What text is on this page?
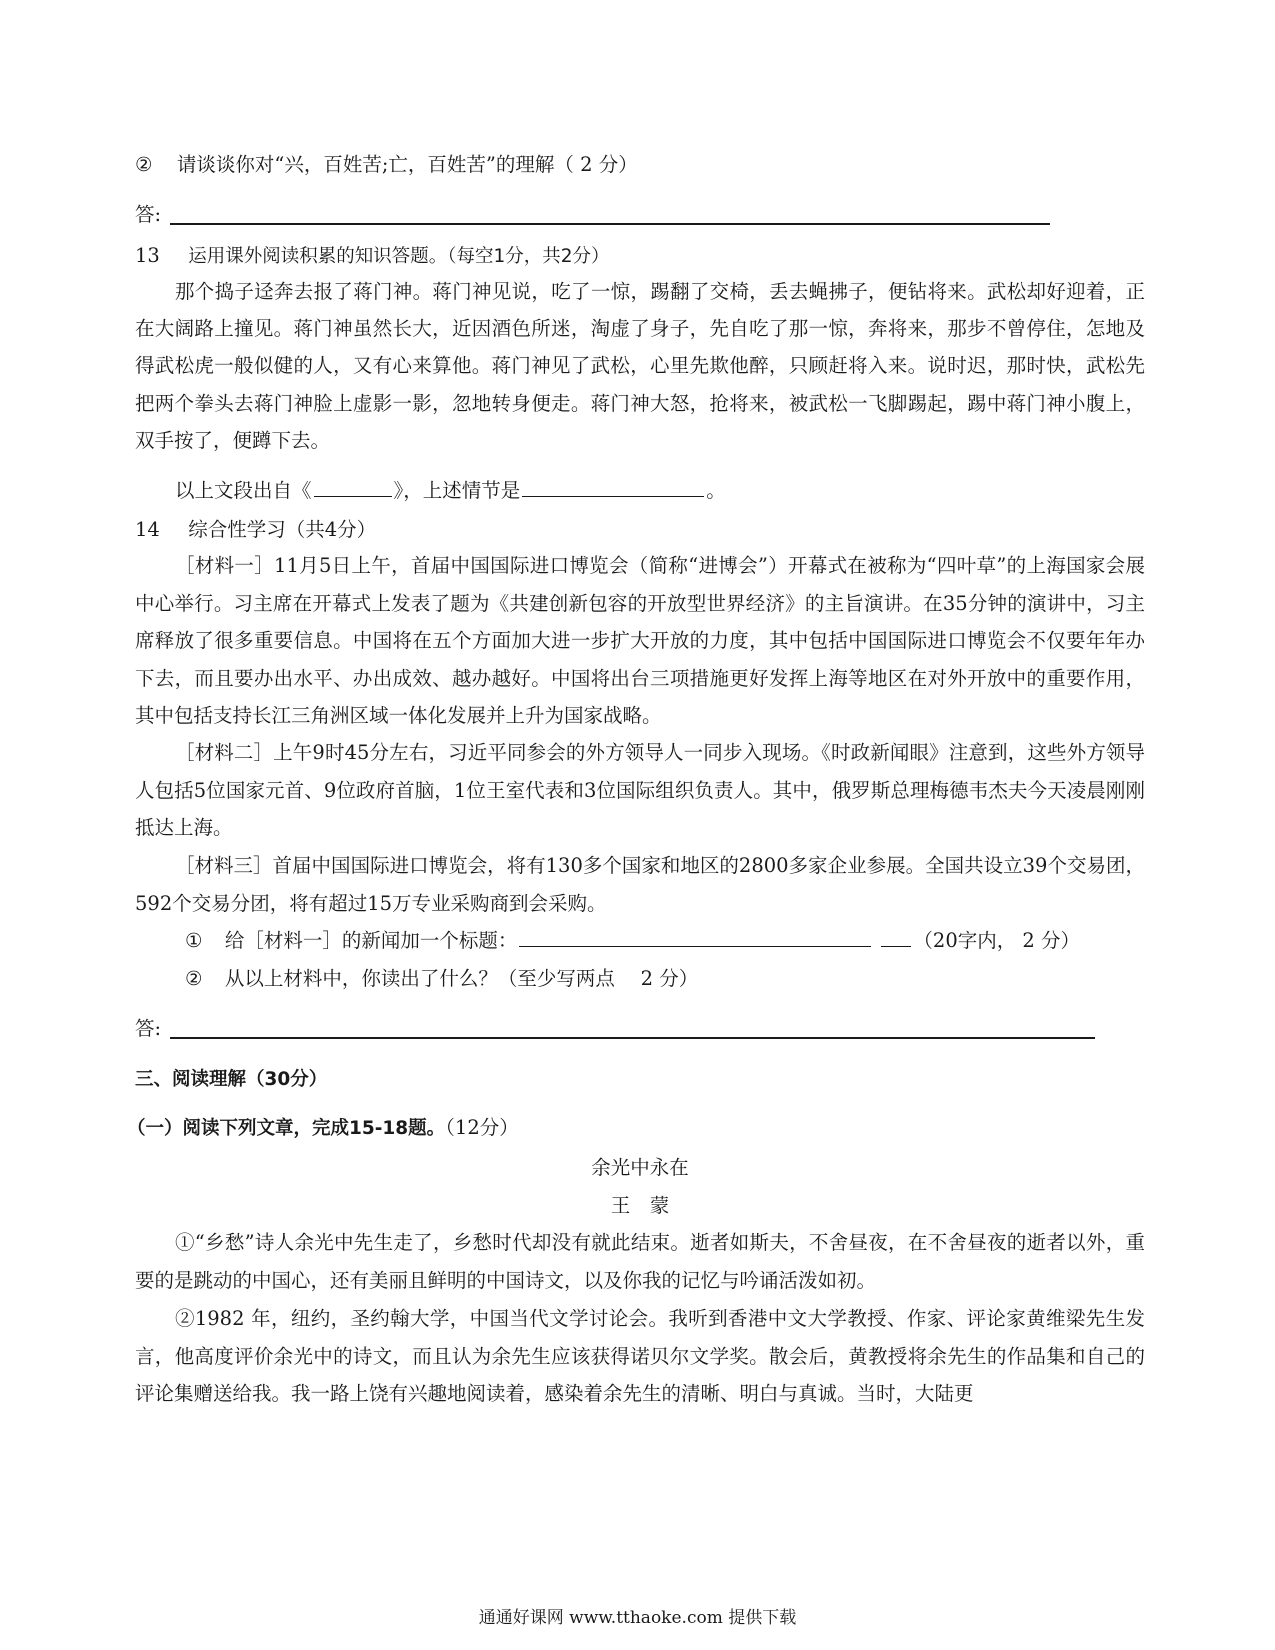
② 请谈谈你对“兴，百姓苦;亡，百姓苦”的理解（ 2 分）
答:
13 运用课外阅读积累的知识答题。（每空1分，共2分）
那个捣子迳奔去报了蒋门神。蒋门神见说，吃了一惊，踢翻了交椅，丢去蝇拂子，便钻将来。武松却好迎着，正在大阔路上撞见。蒋门神虽然长大，近因酒色所迷，淘虚了身子，先自吃了那一惊，奔将来，那步不曾停住，怎地及得武松虎一般似健的人，又有心来算他。蒋门神见了武松，心里先欺他醉，只顾赶将入来。说时迟，那时快，武松先把两个拳头去蒋门神脸上虚影一影，忽地转身便走。蒋门神大怒，抢将来，被武松一飞脚踢起，踢中蒋门神小腹上，双手按了，便蹲下去。
以上文段出自《	》，上述情节是	。
14 综合性学习（共4分）
［材料一］11月5日上午，首届中国国际进口博览会（简称“进博会”）开幕式在被称为“四叶草”的上海国家会展中心举行。习主席在开幕式上发表了题为《共建创新包容的开放型世界经济》的主旨演讲。在35分钟的演讲中，习主席释放了很多重要信息。中国将在五个方面加大进一步扩大开放的力度，其中包括中国国际进口博览会不仅要年年办下去，而且要办出水平、办出成效、越办越好。中国将出台三项措施更好发挥上海等地区在对外开放中的重要作用，其中包括支持长江三角洲区域一体化发展并上升为国家战略。
［材料二］上午9时45分左右，习近平同参会的外方领导人一同步入现场。《时政新闻眼》注意到，这些外方领导人包括5位国家元首、9位政府首脑，1位王室代表和3位国际组织负责人。其中，俄罗斯总理梅德韦杰夫今天凌晨刚刚抵达上海。
［材料三］首届中国国际进口博览会，将有130多个国家和地区的2800多家企业参展。全国共设立39个交易团，592个交易分团，将有超过15万专业采购商到会采购。
① 给［材料一］的新闻加一个标题：	（20字内， 2 分）
② 从以上材料中，你读出了什么？（至少写两点　 2 分）
答:
三、阅读理解（30分）
（一）阅读下列文章，完成15-18题。（12分）
余光中永在
王　蒙
①“乡愁”诗人余光中先生走了，乡愁时代却没有就此结束。逝者如斯夫，不舍昼夜，在不舍昼夜的逝者以外，重要的是跳动的中国心，还有美丽且鲜明的中国诗文，以及你我的记忆与吟诵活泼如初。
②1982 年，纽约，圣约翰大学，中国当代文学讨论会。我听到香港中文大学教授、作家、评论家黄维梁先生发言，他高度评价余光中的诗文，而且认为余先生应该获得诺贝尔文学奖。散会后，黄教授将余先生的作品集和自己的评论集赠送给我。我一路上饶有兴趣地阅读着，感染着余先生的清晰、明白与真诚。当时，大陆更
通通好课网 www.tthaoke.com 提供下载
